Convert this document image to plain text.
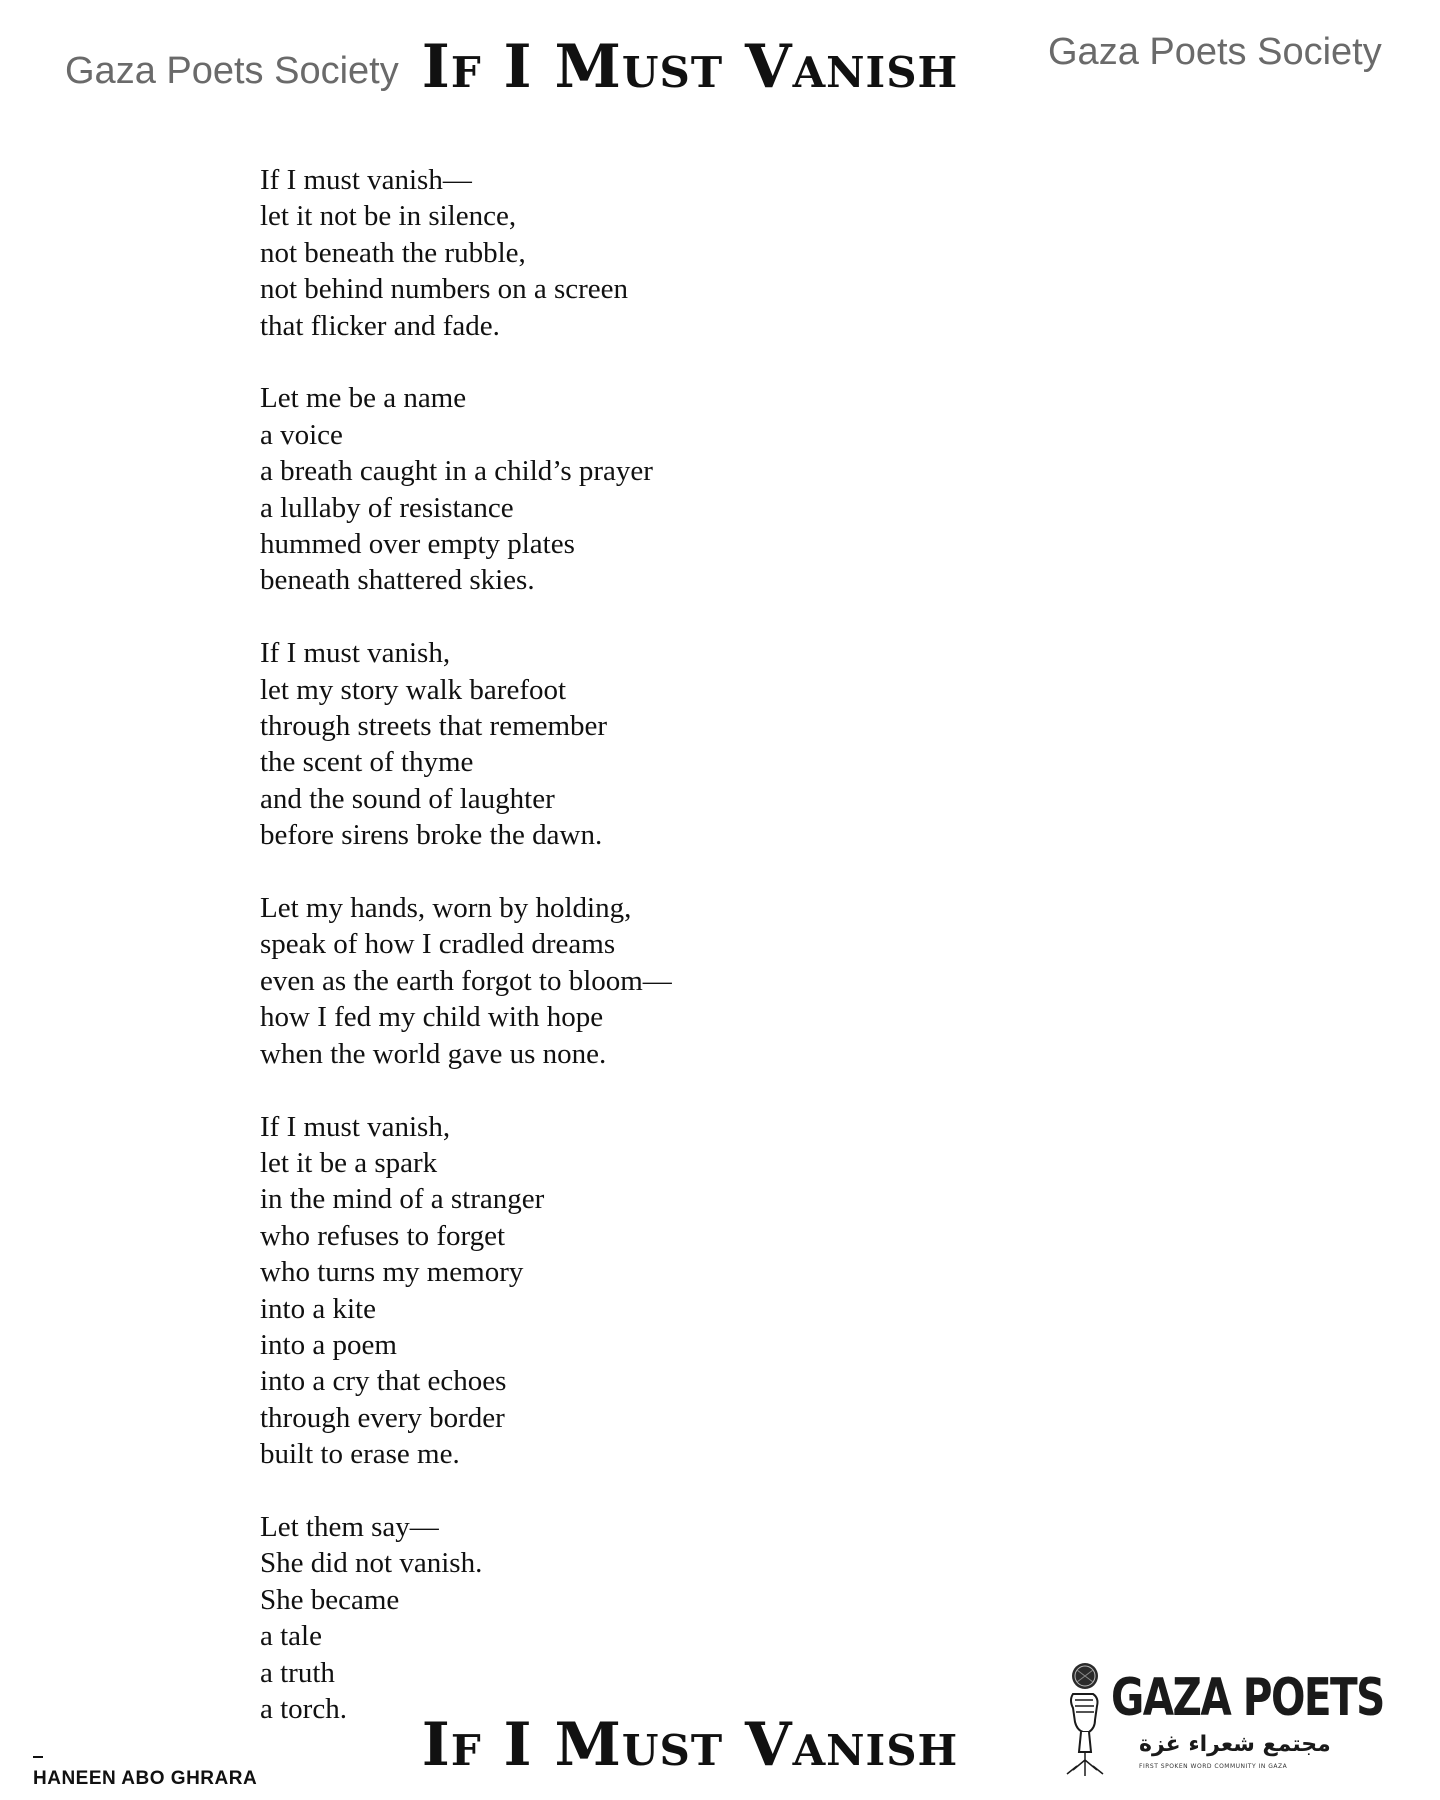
Gaza Poets Society If I Must Vanish	Gaza Poets Society
If I must vanish—
let it not be in silence,
not beneath the rubble,
not behind numbers on a screen
that flicker and fade.
Let me be a name
a voice
a breath caught in a child’s prayer
a lullaby of resistance
hummed over empty plates
beneath shattered skies.
If I must vanish,
let my story walk barefoot
through streets that remember
the scent of thyme
and the sound of laughter
before sirens broke the dawn.
Let my hands, worn by holding,
speak of how I cradled dreams
even as the earth forgot to bloom—
how I fed my child with hope
when the world gave us none.
If I must vanish,
let it be a spark
in the mind of a stranger
who refuses to forget
who turns my memory
into a kite
into a poem
into a cry that echoes
through every border
built to erase me.
Let them say—
She did not vanish.
She became
a tale
a truth
a torch.
If I Must Vanish
HANEEN ABO GHRARA
GAZA POETS
مجتمع شعراء غزة
FIRST SPOKEN WORD COMMUNITY IN GAZA
